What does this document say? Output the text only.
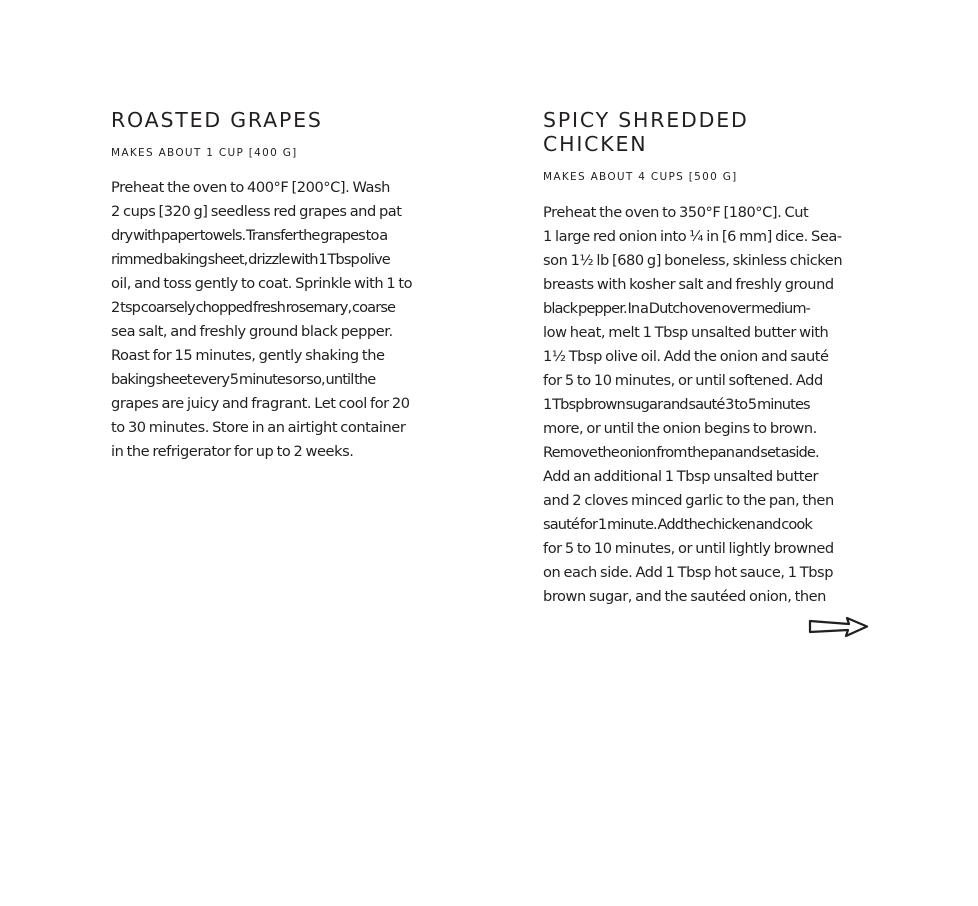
ROASTED GRAPES

MAKES ABOUT 1 CUP [400 G]

Preheat the oven to 400°F [200°C]. Wash
2 cups [320 g] seedless red grapes and pat
dry with paper towels. Transfer the grapes to a
rimmed baking sheet, drizzle with 1 Tbsp olive
oil, and toss gently to coat. Sprinkle with 1 to
2 tsp coarsely chopped fresh rosemary, coarse
sea salt, and freshly ground black pepper.
Roast for 15 minutes, gently shaking the
baking sheet every 5 minutes or so, until the
grapes are juicy and fragrant. Let cool for 20
to 30 minutes. Store in an airtight container
in the refrigerator for up to 2 weeks.

SPICY SHREDDED
CHICKEN

MAKES ABOUT 4 CUPS [500 G]

Preheat the oven to 350°F [180°C]. Cut
1 large red onion into ¼ in [6 mm] dice. Sea-
son 1½ lb [680 g] boneless, skinless chicken
breasts with kosher salt and freshly ground
black pepper. In a Dutch oven over medium-
low heat, melt 1 Tbsp unsalted butter with
1½ Tbsp olive oil. Add the onion and sauté
for 5 to 10 minutes, or until softened. Add
1 Tbsp brown sugar and sauté 3 to 5 minutes
more, or until the onion begins to brown.
Remove the onion from the pan and set aside.
Add an additional 1 Tbsp unsalted butter
and 2 cloves minced garlic to the pan, then
sauté for 1 minute. Add the chicken and cook
for 5 to 10 minutes, or until lightly browned
on each side. Add 1 Tbsp hot sauce, 1 Tbsp
brown sugar, and the sautéed onion, then
